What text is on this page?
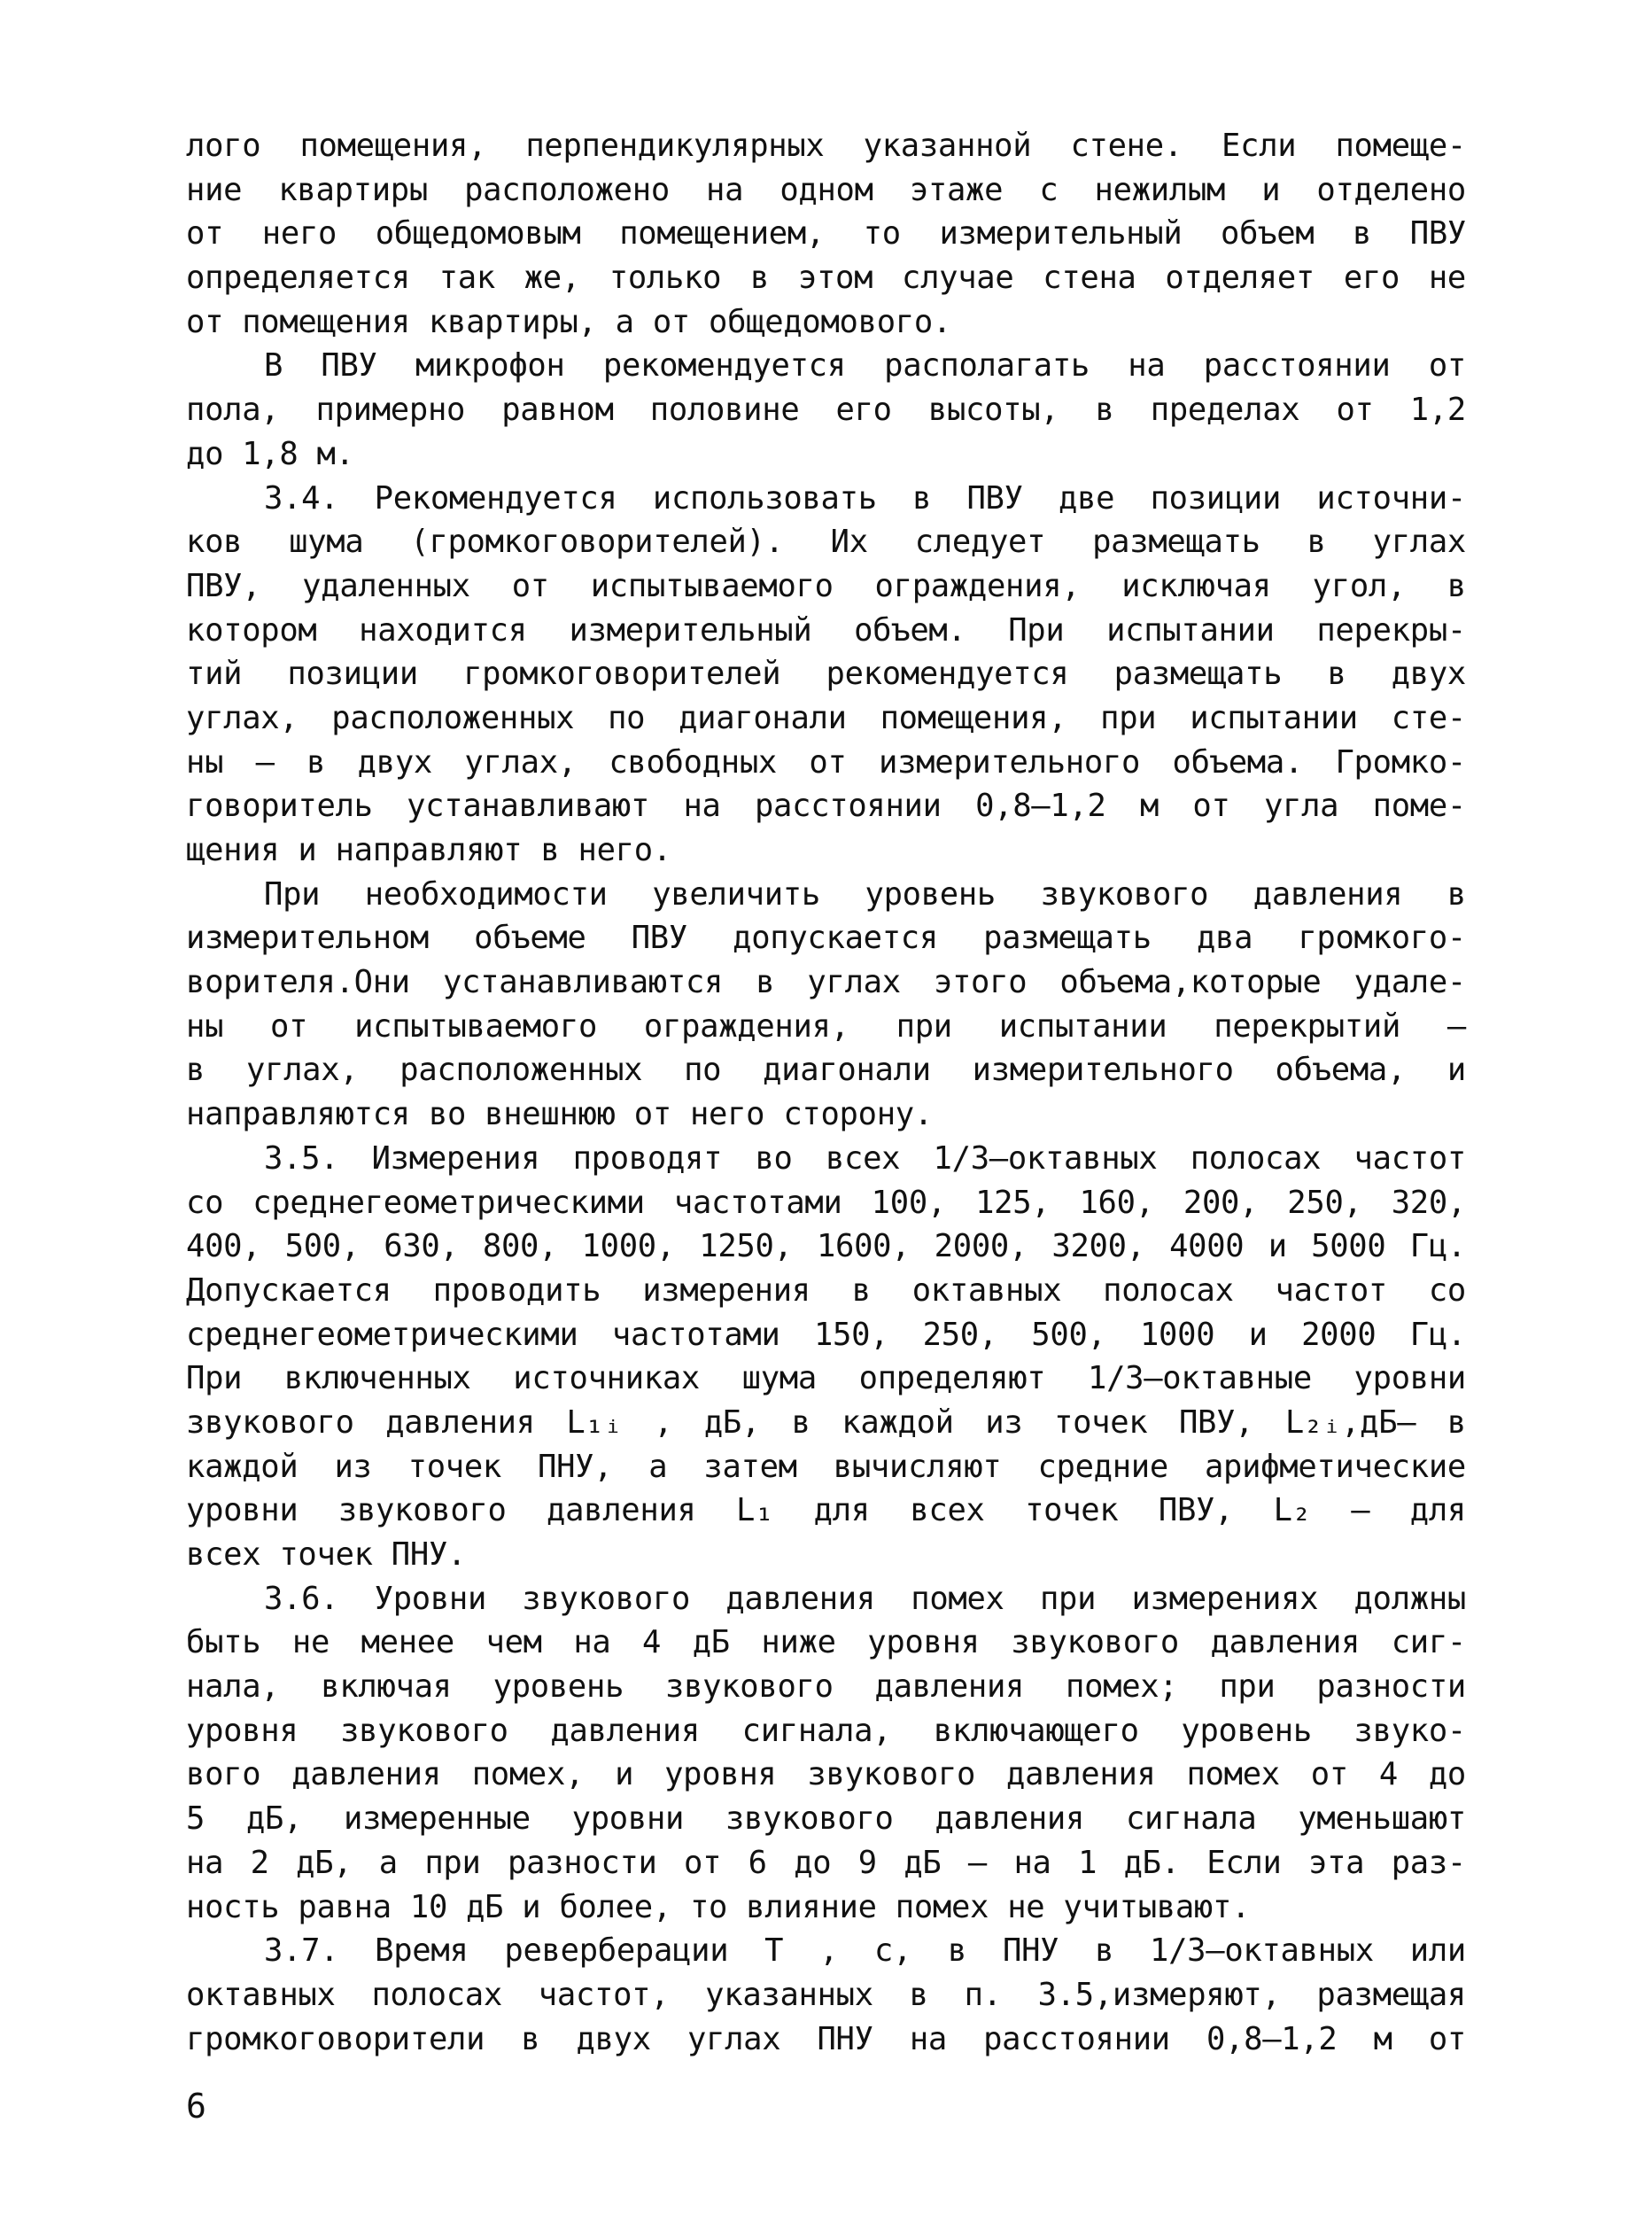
лого помещения, перпендикулярных указанной стене. Если помеще-
ние квартиры расположено на одном этаже с нежилым и отделено
от него общедомовым помещением, то измерительный объем в ПВУ
определяется так же, только в этом случае стена отделяет его не
от помещения квартиры, а от общедомового.
В ПВУ микрофон рекомендуется располагать на расстоянии от
пола, примерно равном половине его высоты, в пределах от 1,2
до 1,8 м.
3.4. Рекомендуется использовать в ПВУ две позиции источни-
ков шума (громкоговорителей). Их следует размещать в углах
ПВУ, удаленных от испытываемого ограждения, исключая угол, в
котором находится измерительный объем. При испытании перекры-
тий позиции громкоговорителей рекомендуется размещать в двух
углах, расположенных по диагонали помещения, при испытании сте-
ны – в двух углах, свободных от измерительного объема. Громко-
говоритель устанавливают на расстоянии 0,8–1,2 м от угла поме-
щения и направляют в него.
При необходимости увеличить уровень звукового давления в
измерительном объеме ПВУ допускается размещать два громкого-
ворителя.Они устанавливаются в углах этого объема,которые удале-
ны от испытываемого ограждения, при испытании перекрытий –
в углах, расположенных по диагонали измерительного объема, и
направляются во внешнюю от него сторону.
3.5. Измерения проводят во всех 1/3–октавных полосах частот
со среднегеометрическими частотами 100, 125, 160, 200, 250, 320,
400, 500, 630, 800, 1000, 1250, 1600, 2000, 3200, 4000 и 5000 Гц.
Допускается проводить измерения в октавных полосах частот со
среднегеометрическими частотами 150, 250, 500, 1000 и 2000 Гц.
При включенных источниках шума определяют 1/3–октавные уровни
звукового давления L₁ᵢ , дБ, в каждой из точек ПВУ, L₂ᵢ,дБ– в
каждой из точек ПНУ, а затем вычисляют средние арифметические
уровни звукового давления L₁ для всех точек ПВУ, L₂ – для
всех точек ПНУ.
3.6. Уровни звукового давления помех при измерениях должны
быть не менее чем на 4 дБ ниже уровня звукового давления сиг-
нала, включая уровень звукового давления помех; при разности
уровня звукового давления сигнала, включающего уровень звуко-
вого давления помех, и уровня звукового давления помех от 4 до
5 дБ, измеренные уровни звукового давления сигнала уменьшают
на 2 дБ, а при разности от 6 до 9 дБ – на 1 дБ. Если эта раз-
ность равна 10 дБ и более, то влияние помех не учитывают.
3.7. Время реверберации T , с, в ПНУ в 1/3–октавных или
октавных полосах частот, указанных в п. 3.5,измеряют, размещая
громкоговорители в двух углах ПНУ на расстоянии 0,8–1,2 м от
6
